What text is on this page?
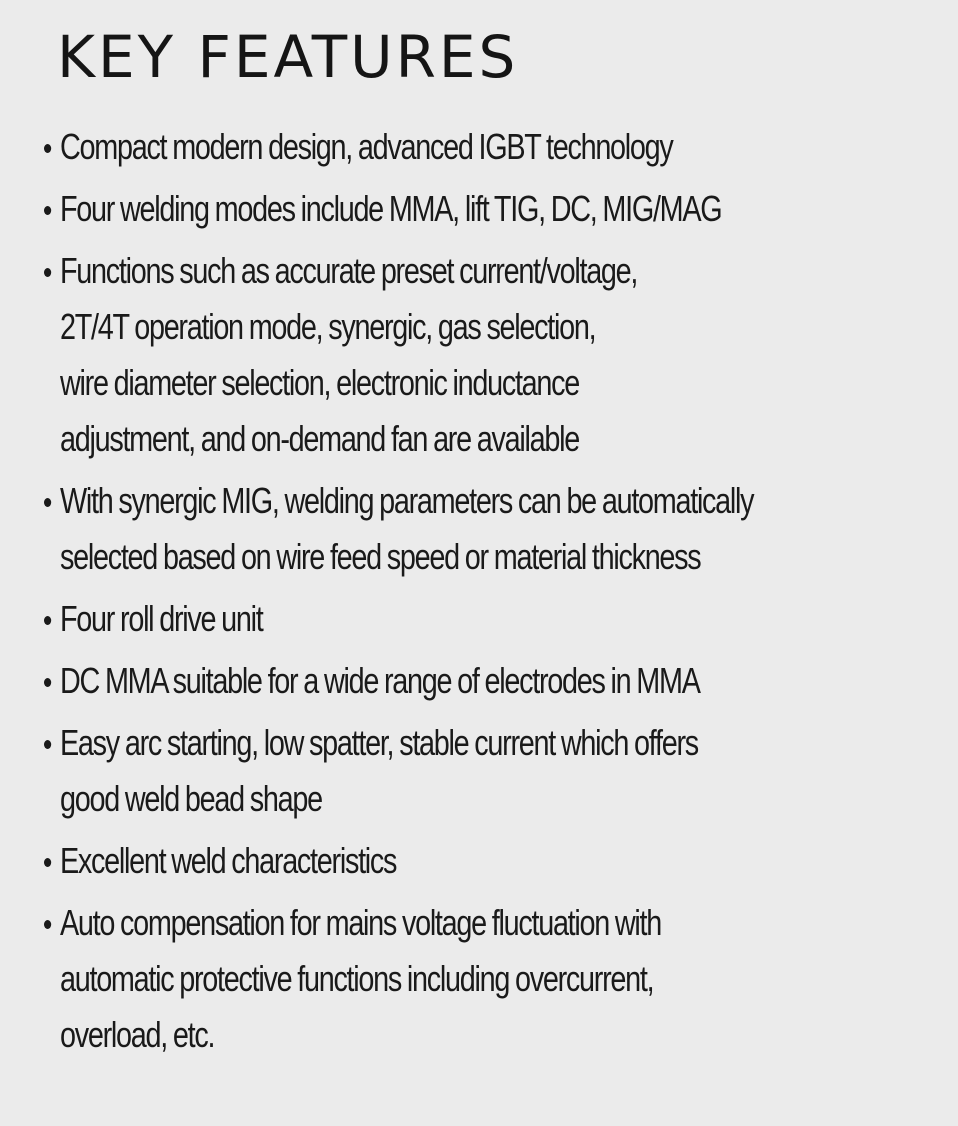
KEY FEATURES
Compact modern design, advanced IGBT technology
Four welding modes include MMA, lift TIG, DC, MIG/MAG
Functions such as accurate preset current/voltage,
2T/4T operation mode, synergic, gas selection,
wire diameter selection, electronic inductance
adjustment, and on-demand fan are available
With synergic MIG, welding parameters can be automatically
selected based on wire feed speed or material thickness
Four roll drive unit
DC MMA suitable for a wide range of electrodes in MMA
Easy arc starting, low spatter, stable current which offers
good weld bead shape
Excellent weld characteristics
Auto compensation for mains voltage fluctuation with
automatic protective functions including overcurrent,
overload, etc.
